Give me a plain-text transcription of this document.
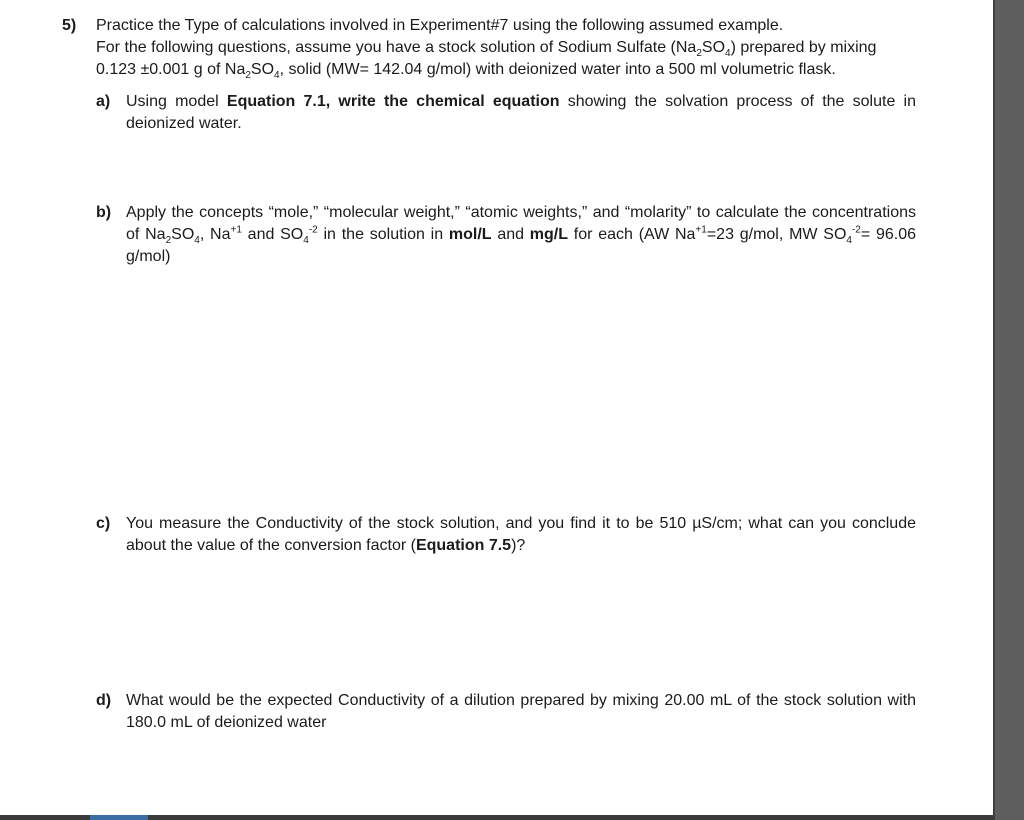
5) Practice the Type of calculations involved in Experiment#7 using the following assumed example.

For the following questions, assume you have a stock solution of Sodium Sulfate $(Na_2SO_4)$ prepared by mixing

0.123 ±0.001 g of $Na_2SO_4$, solid (MW= 142.04 g/mol) with deionized water into a 500 ml volumetric flask.

a) Using model Equation 7.1, write the chemical equation showing the solvation process of the solute in deionized water.
b) Apply the concepts “mole,” “molecular weight,” “atomic weights,” and “molarity” to calculate the concentrations of $Na_2SO_4$, $Na^{+1}$ and $SO_4^{-2}$ in the solution in mol/L and mg/L for each (AW $Na^{+1}=23$ g/mol, MW $SO_4^{-2}= 96.06$ g/mol)
c) You measure the Conductivity of the stock solution, and you find it to be 510 µS/cm; what can you conclude about the value of the conversion factor (Equation 7.5)?
d) What would be the expected Conductivity of a dilution prepared by mixing 20.00 mL of the stock solution with 180.0 mL of deionized water
